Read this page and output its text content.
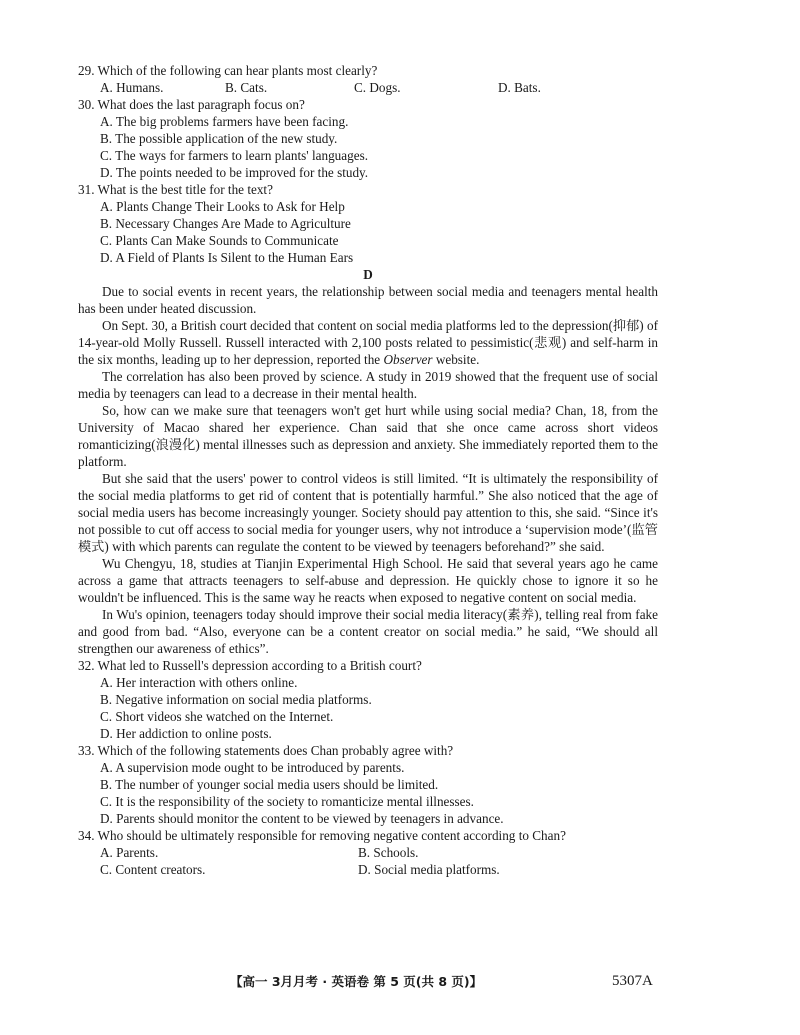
29. Which of the following can hear plants most clearly?

A. Humans.	B. Cats.	C. Dogs.	D. Bats.

30. What does the last paragraph focus on?

A. The big problems farmers have been facing.

B. The possible application of the new study.

C. The ways for farmers to learn plants' languages.

D. The points needed to be improved for the study.

31. What is the best title for the text?

A. Plants Change Their Looks to Ask for Help

B. Necessary Changes Are Made to Agriculture

C. Plants Can Make Sounds to Communicate

D. A Field of Plants Is Silent to the Human Ears

D

Due to social events in recent years, the relationship between social media and teenagers mental health has been under heated discussion.

On Sept. 30, a British court decided that content on social media platforms led to the depression(抑郁) of 14-year-old Molly Russell. Russell interacted with 2,100 posts related to pessimistic(悲观) and self-harm in the six months, leading up to her depression, reported the Observer website.

The correlation has also been proved by science. A study in 2019 showed that the frequent use of social media by teenagers can lead to a decrease in their mental health.

So, how can we make sure that teenagers won't get hurt while using social media? Chan, 18, from the University of Macao shared her experience. Chan said that she once came across short videos romanticizing(浪漫化) mental illnesses such as depression and anxiety. She immediately reported them to the platform.

But she said that the users' power to control videos is still limited. “It is ultimately the responsibility of the social media platforms to get rid of content that is potentially harmful.” She also noticed that the age of social media users has become increasingly younger. Society should pay attention to this, she said. “Since it's not possible to cut off access to social media for younger users, why not introduce a ‘supervision mode’(监管模式) with which parents can regulate the content to be viewed by teenagers beforehand?” she said.

Wu Chengyu, 18, studies at Tianjin Experimental High School. He said that several years ago he came across a game that attracts teenagers to self-abuse and depression. He quickly chose to ignore it so he wouldn't be influenced. This is the same way he reacts when exposed to negative content on social media.

In Wu's opinion, teenagers today should improve their social media literacy(素养), telling real from fake and good from bad. “Also, everyone can be a content creator on social media.” he said, “We should all strengthen our awareness of ethics”.

32. What led to Russell's depression according to a British court?

A. Her interaction with others online.

B. Negative information on social media platforms.

C. Short videos she watched on the Internet.

D. Her addiction to online posts.

33. Which of the following statements does Chan probably agree with?

A. A supervision mode ought to be introduced by parents.

B. The number of younger social media users should be limited.

C. It is the responsibility of the society to romanticize mental illnesses.

D. Parents should monitor the content to be viewed by teenagers in advance.

34. Who should be ultimately responsible for removing negative content according to Chan?

A. Parents.	B. Schools.
C. Content creators.	D. Social media platforms.
【高一 3月月考 · 英语卷 第 5 页(共 8 页)】	5307A
